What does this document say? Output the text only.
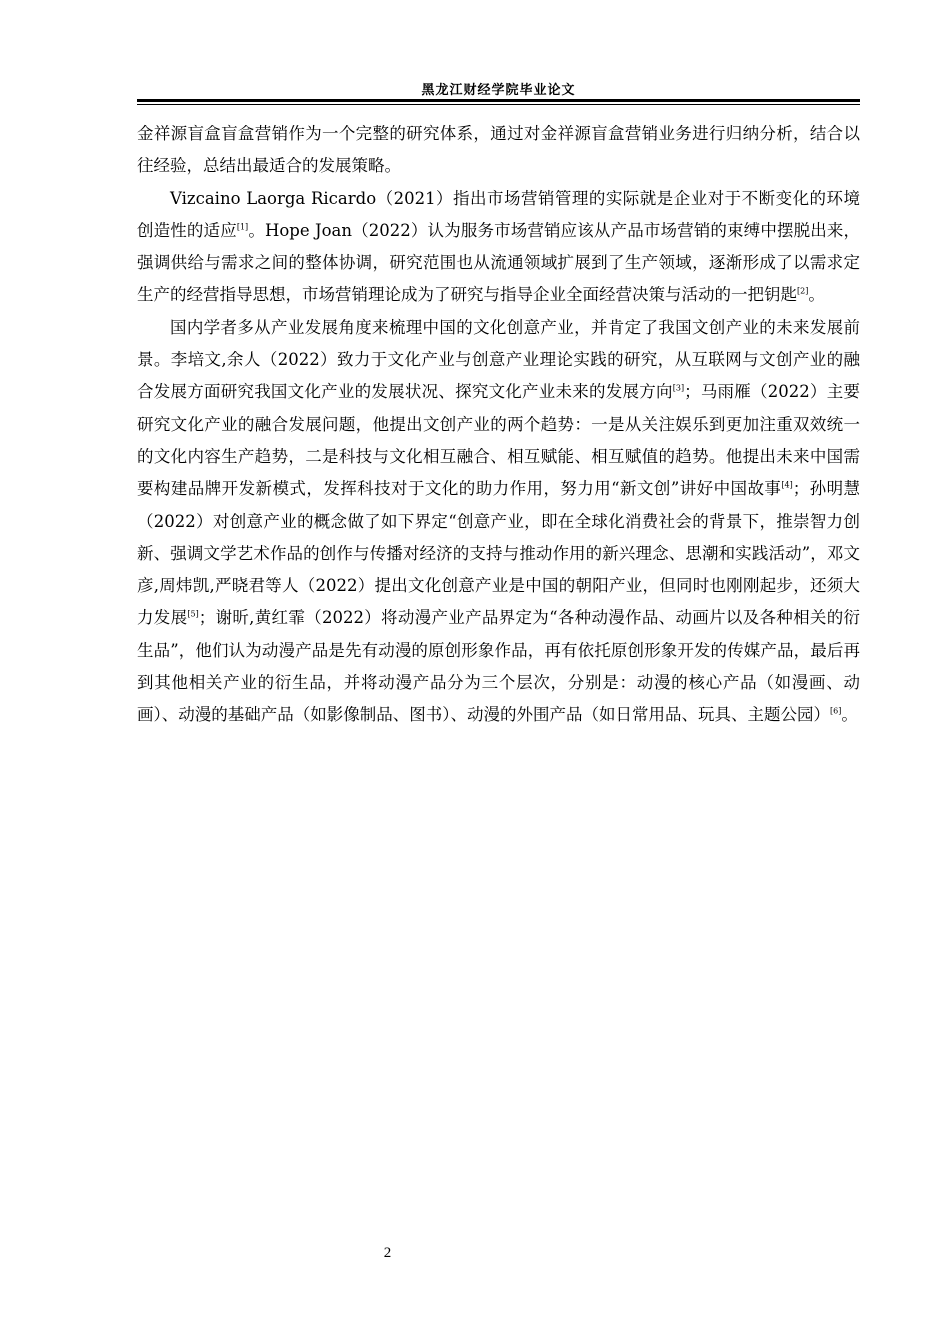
黑龙江财经学院毕业论文

金祥源盲盒盲盒营销作为一个完整的研究体系，通过对金祥源盲盒营销业务进行归纳分析，结合以往经验，总结出最适合的发展策略。

Vizcaino Laorga Ricardo（2021）指出市场营销管理的实际就是企业对于不断变化的环境创造性的适应[1]。Hope Joan（2022）认为服务市场营销应该从产品市场营销的束缚中摆脱出来，强调供给与需求之间的整体协调，研究范围也从流通领域扩展到了生产领域，逐渐形成了以需求定生产的经营指导思想，市场营销理论成为了研究与指导企业全面经营决策与活动的一把钥匙[2]。

国内学者多从产业发展角度来梳理中国的文化创意产业，并肯定了我国文创产业的未来发展前景。李培文,余人（2022）致力于文化产业与创意产业理论实践的研究，从互联网与文创产业的融合发展方面研究我国文化产业的发展状况、探究文化产业未来的发展方向[3]；马雨雁（2022）主要研究文化产业的融合发展问题，他提出文创产业的两个趋势：一是从关注娱乐到更加注重双效统一的文化内容生产趋势，二是科技与文化相互融合、相互赋能、相互赋值的趋势。他提出未来中国需要构建品牌开发新模式，发挥科技对于文化的助力作用，努力用“新文创”讲好中国故事[4]；孙明慧（2022）对创意产业的概念做了如下界定“创意产业，即在全球化消费社会的背景下，推崇智力创新、强调文学艺术作品的创作与传播对经济的支持与推动作用的新兴理念、思潮和实践活动”，邓文彦,周炜凯,严晓君等人（2022）提出文化创意产业是中国的朝阳产业，但同时也刚刚起步，还须大力发展[5]；谢昕,黄红霏（2022）将动漫产业产品界定为“各种动漫作品、动画片以及各种相关的衍生品”，他们认为动漫产品是先有动漫的原创形象作品，再有依托原创形象开发的传媒产品，最后再到其他相关产业的衍生品，并将动漫产品分为三个层次，分别是：动漫的核心产品（如漫画、动画）、动漫的基础产品（如影像制品、图书）、动漫的外围产品（如日常用品、玩具、主题公园）[6]。

2
